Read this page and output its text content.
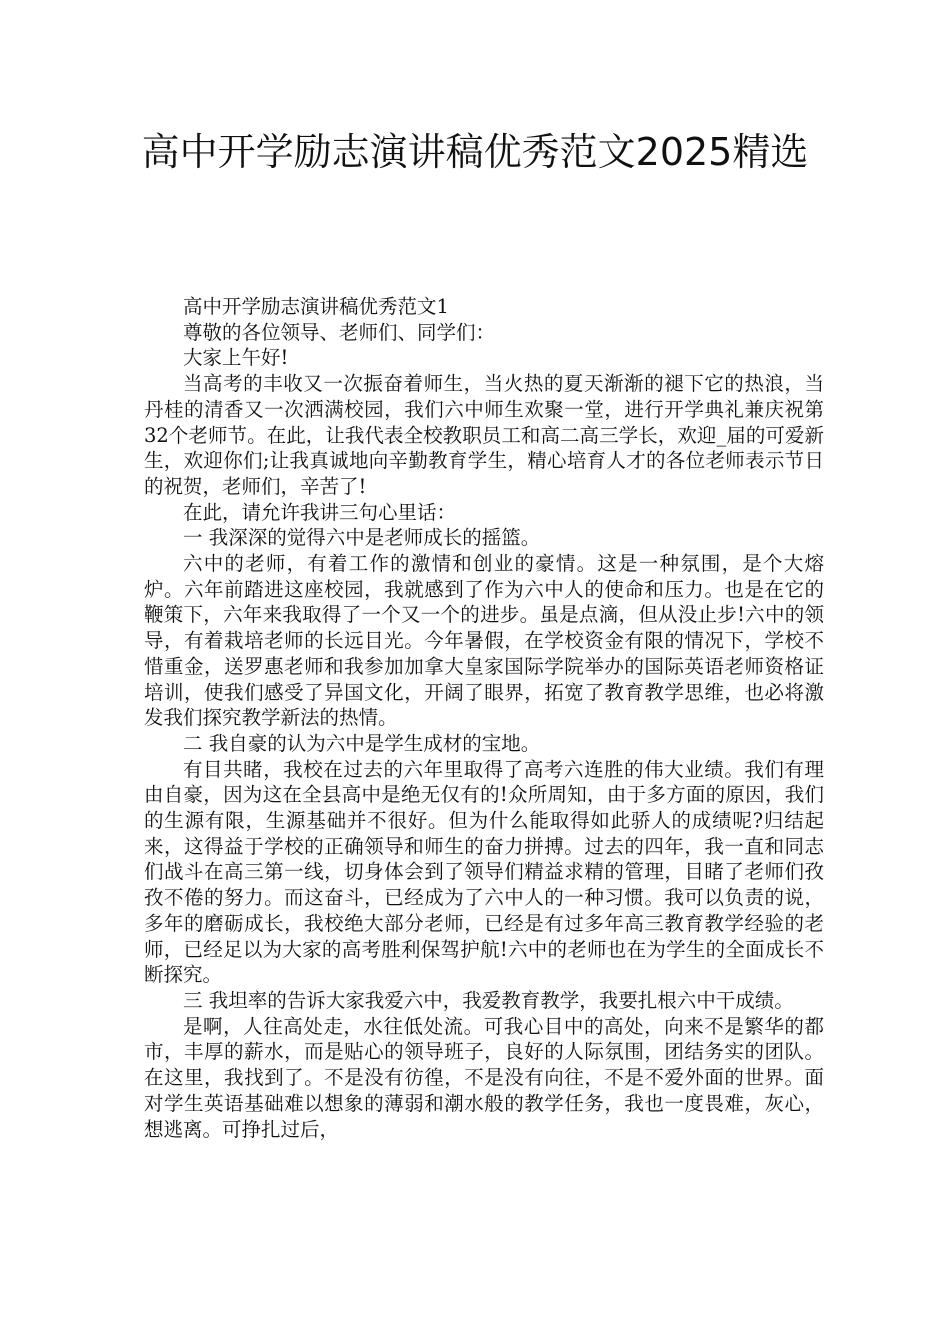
高中开学励志演讲稿优秀范文2025精选

高中开学励志演讲稿优秀范文1

尊敬的各位领导、老师们、同学们：

大家上午好!

当高考的丰收又一次振奋着师生，当火热的夏天渐渐的褪下它的热浪，当丹桂的清香又一次洒满校园，我们六中师生欢聚一堂，进行开学典礼兼庆祝第32个老师节。在此，让我代表全校教职员工和高二高三学长，欢迎_届的可爱新生，欢迎你们;让我真诚地向辛勤教育学生，精心培育人才的各位老师表示节日的祝贺，老师们，辛苦了!

在此，请允许我讲三句心里话：

一 我深深的觉得六中是老师成长的摇篮。

六中的老师，有着工作的激情和创业的豪情。这是一种氛围，是个大熔炉。六年前踏进这座校园，我就感到了作为六中人的使命和压力。也是在它的鞭策下，六年来我取得了一个又一个的进步。虽是点滴，但从没止步!六中的领导，有着栽培老师的长远目光。今年暑假，在学校资金有限的情况下，学校不惜重金，送罗惠老师和我参加加拿大皇家国际学院举办的国际英语老师资格证培训，使我们感受了异国文化，开阔了眼界，拓宽了教育教学思维，也必将激发我们探究教学新法的热情。

二 我自豪的认为六中是学生成材的宝地。

有目共睹，我校在过去的六年里取得了高考六连胜的伟大业绩。我们有理由自豪，因为这在全县高中是绝无仅有的!众所周知，由于多方面的原因，我们的生源有限，生源基础并不很好。但为什么能取得如此骄人的成绩呢?归结起来，这得益于学校的正确领导和师生的奋力拼搏。过去的四年，我一直和同志们战斗在高三第一线，切身体会到了领导们精益求精的管理，目睹了老师们孜孜不倦的努力。而这奋斗，已经成为了六中人的一种习惯。我可以负责的说，多年的磨砺成长，我校绝大部分老师，已经是有过多年高三教育教学经验的老师，已经足以为大家的高考胜利保驾护航!六中的老师也在为学生的全面成长不断探究。

三 我坦率的告诉大家我爱六中，我爱教育教学，我要扎根六中干成绩。

是啊，人往高处走，水往低处流。可我心目中的高处，向来不是繁华的都市，丰厚的薪水，而是贴心的领导班子，良好的人际氛围，团结务实的团队。在这里，我找到了。不是没有彷徨，不是没有向往，不是不爱外面的世界。面对学生英语基础难以想象的薄弱和潮水般的教学任务，我也一度畏难，灰心，想逃离。可挣扎过后，
